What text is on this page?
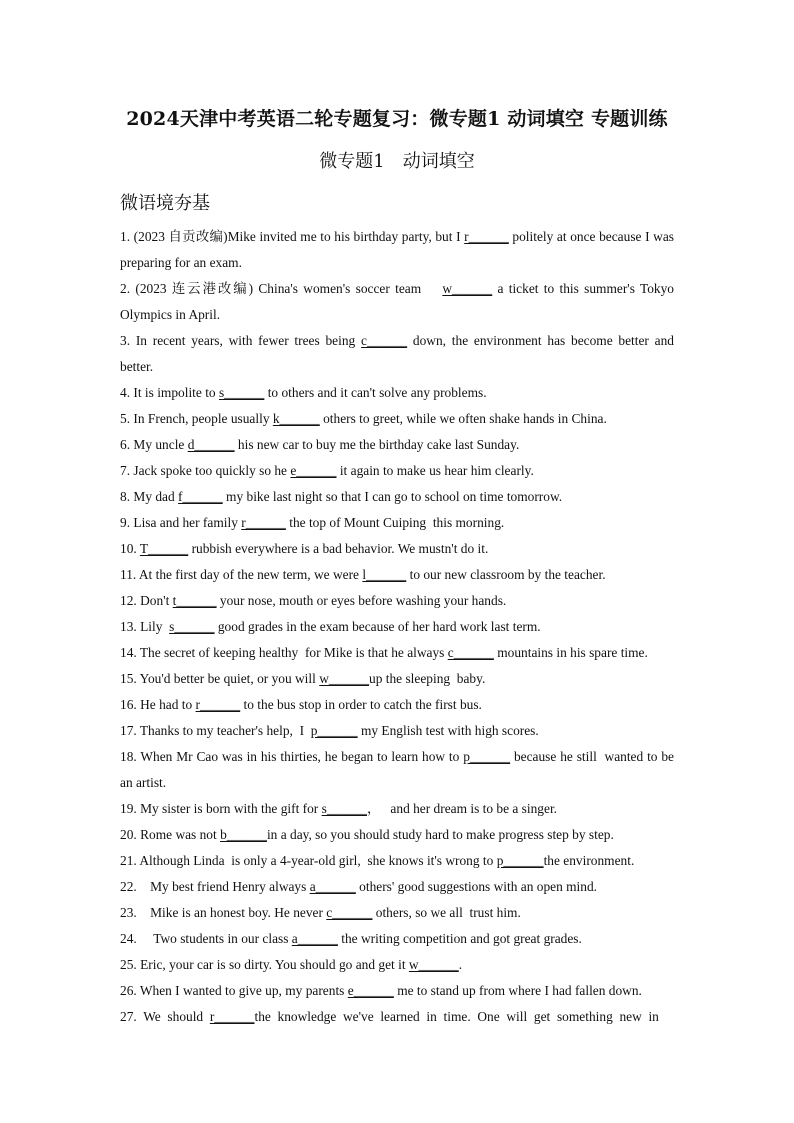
2024天津中考英语二轮专题复习：微专题1 动词填空 专题训练
微专题1　动词填空
微语境夯基

1. (2023 自贡改编)Mike invited me to his birthday party, but I r______ politely at once because I was preparing for an exam.

2. (2023 连云港改编) China's women's soccer team    w______ a ticket to this summer's Tokyo Olympics in April.

3. In recent years, with fewer trees being c______ down, the environment has become better and better.

4. It is impolite to s______ to others and it can't solve any problems.

5. In French, people usually k______ others to greet, while we often shake hands in China.

6. My uncle d______ his new car to buy me the birthday cake last Sunday.

7. Jack spoke too quickly so he e______ it again to make us hear him clearly.

8. My dad f______ my bike last night so that I can go to school on time tomorrow.

9. Lisa and her family r______ the top of Mount Cuiping  this morning.

10. T______ rubbish everywhere is a bad behavior. We mustn't do it.

11. At the first day of the new term, we were l______ to our new classroom by the teacher.

12. Don't t______ your nose, mouth or eyes before washing your hands.

13. Lily  s______ good grades in the exam because of her hard work last term.

14. The secret of keeping healthy  for Mike is that he always c______ mountains in his spare time.

15. You'd better be quiet, or you will w______up the sleeping  baby.

16. He had to r______ to the bus stop in order to catch the first bus.

17. Thanks to my teacher's help,  I  p______ my English test with high scores.

18. When Mr Cao was in his thirties, he began to learn how to p______ because he still  wanted to be an artist.

19. My sister is born with the gift for s______，   and her dream is to be a singer.

20. Rome was not b______in a day, so you should study hard to make progress step by step.

21. Although Linda  is only a 4-year-old girl,  she knows it's wrong to p______the environment.

22.    My best friend Henry always a______ others' good suggestions with an open mind.

23.    Mike is an honest boy. He never c______ others, so we all  trust him.

24.     Two students in our class a______ the writing competition and got great grades.

25. Eric, your car is so dirty. You should go and get it w______.

26. When I wanted to give up, my parents e______ me to stand up from where I had fallen down.

27.  We  should  r______the  knowledge  we've  learned  in  time.  One  will  get  something  new  in
